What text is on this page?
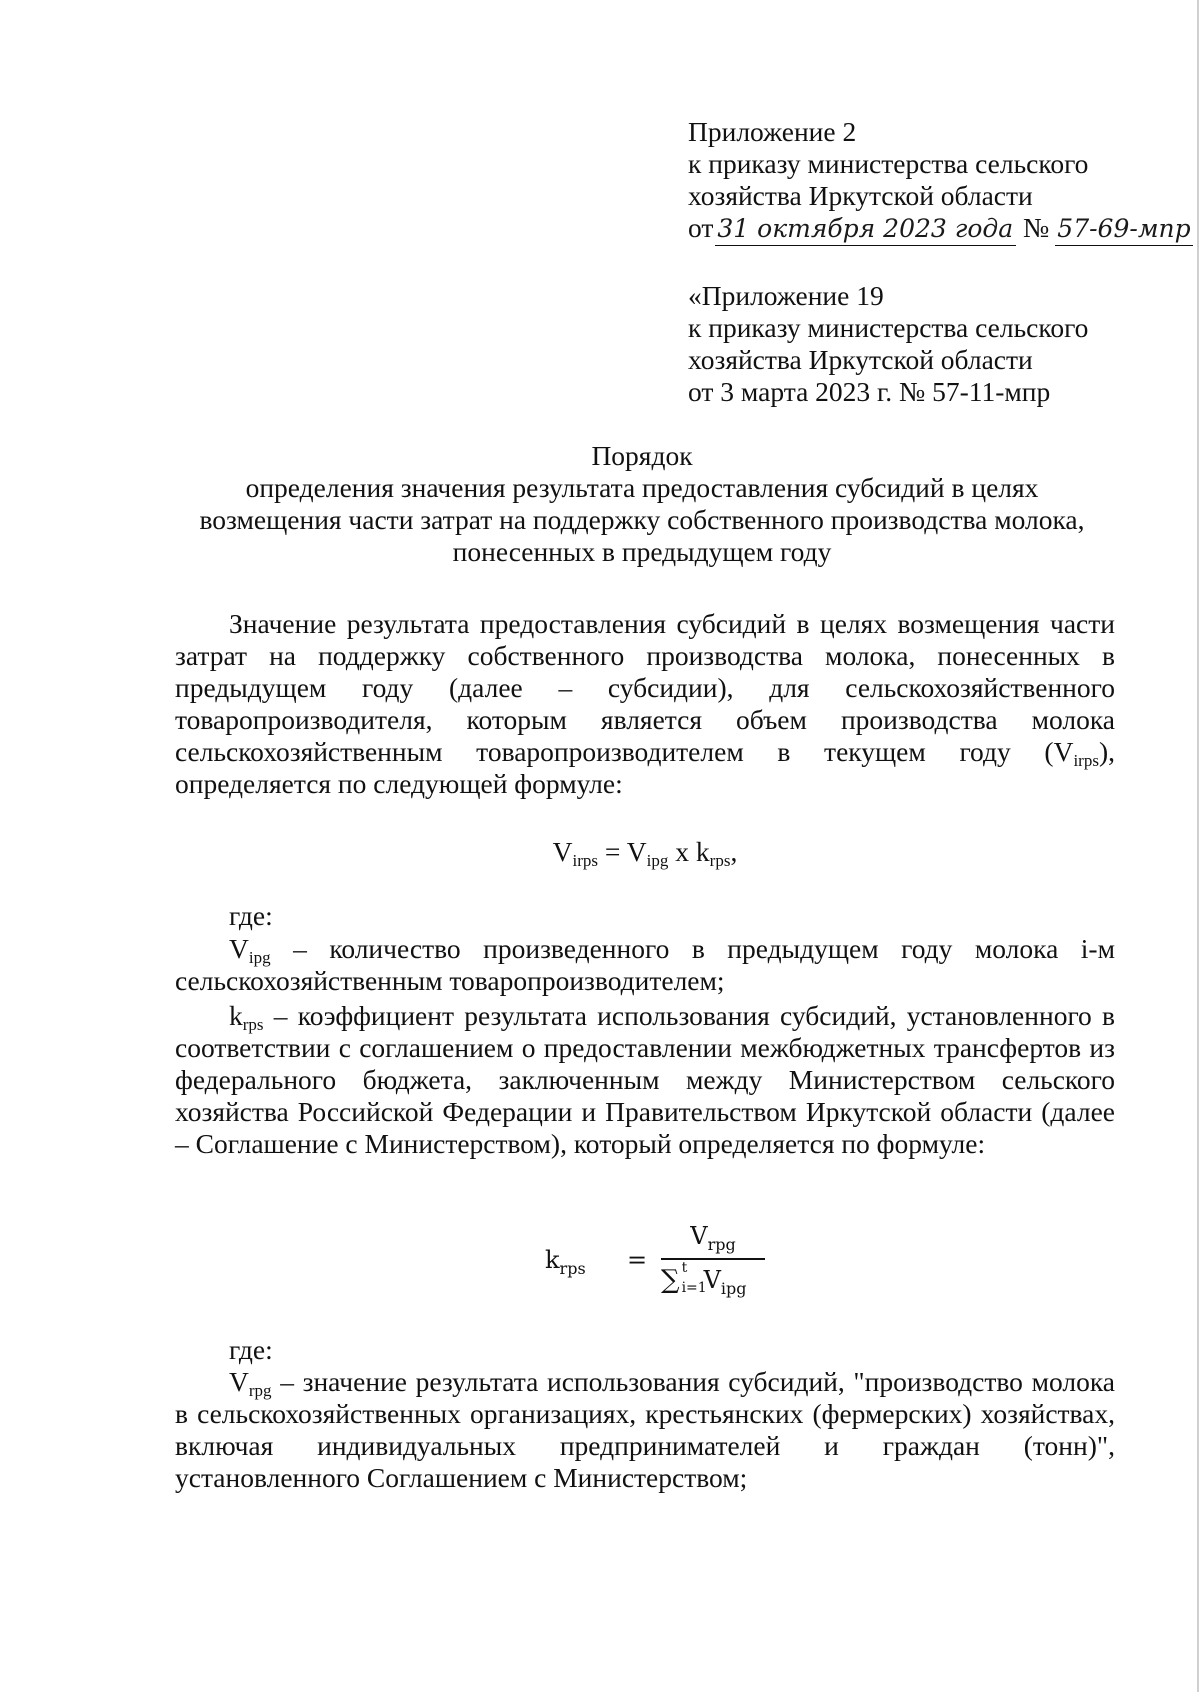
Приложение 2
к приказу министерства сельского
хозяйства Иркутской области
от 31 октября 2023 года № 57-69-мпр
«Приложение 19
к приказу министерства сельского
хозяйства Иркутской области
от 3 марта 2023 г. № 57-11-мпр
Порядок
определения значения результата предоставления субсидий в целях
возмещения части затрат на поддержку собственного производства молока,
понесенных в предыдущем году
Значение результата предоставления субсидий в целях возмещения части затрат на поддержку собственного производства молока, понесенных в предыдущем году (далее – субсидии), для сельскохозяйственного товаропроизводителя, которым является объем производства молока сельскохозяйственным товаропроизводителем в текущем году $(V_{irps})$, определяется по следующей формуле:
$V_{irps} = V_{ipg}$ x $k_{rps}$,
где:
$V_{ipg}$ – количество произведенного в предыдущем году молока i-м сельскохозяйственным товаропроизводителем;
$k_{rps}$ – коэффициент результата использования субсидий, установленного в соответствии с соглашением о предоставлении межбюджетных трансфертов из федерального бюджета, заключенным между Министерством сельского хозяйства Российской Федерации и Правительством Иркутской области (далее – Соглашение с Министерством), который определяется по формуле:
$k_{rps}$ =
$V_{rpg}$
∑ t
i=1
$V_{ipg}$
где:
$V_{rpg}$ – значение результата использования субсидий, "производство молока в сельскохозяйственных организациях, крестьянских (фермерских) хозяйствах, включая индивидуальных предпринимателей и граждан (тонн)", установленного Соглашением с Министерством;
